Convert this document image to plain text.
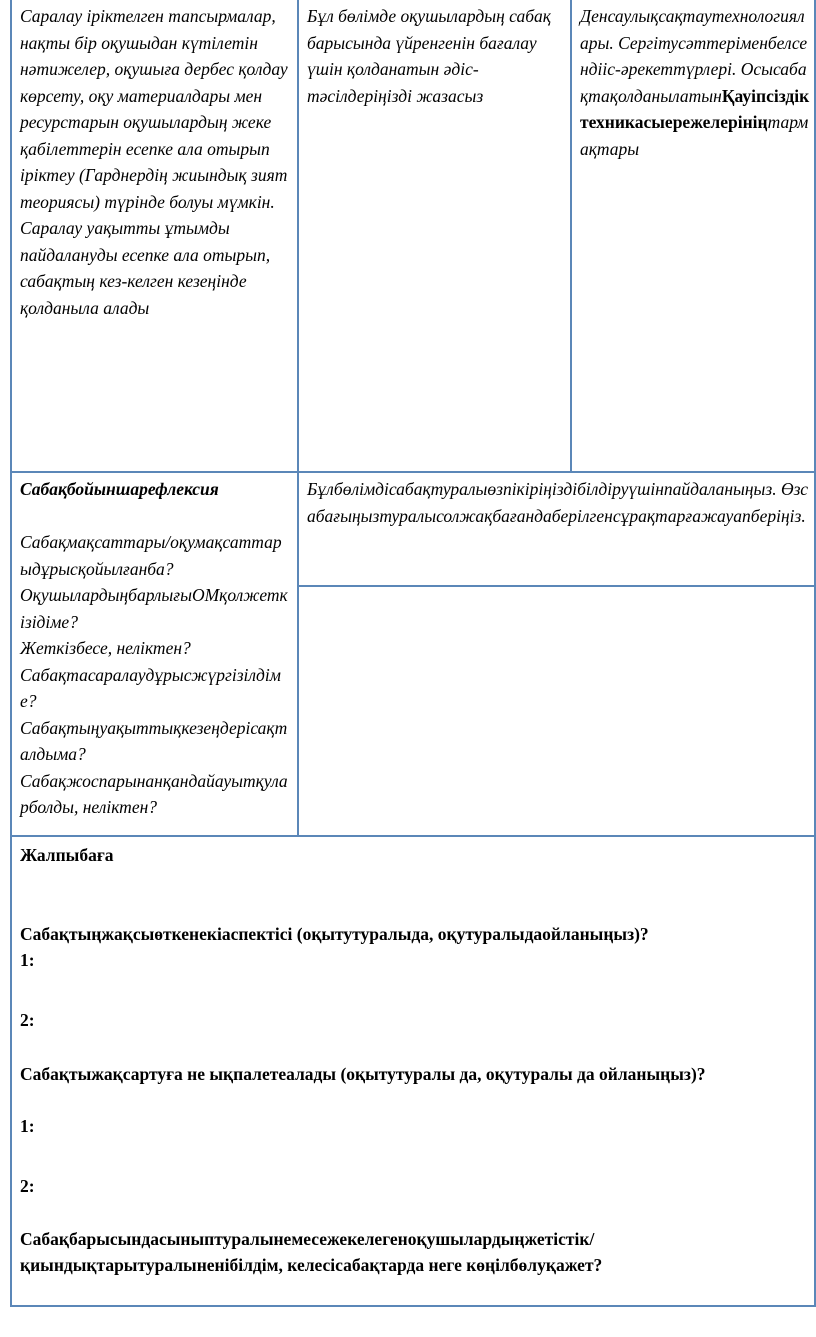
Саралау іріктелген тапсырмалар, нақты бір оқушыдан күтілетін нәтижелер, оқушыға дербес қолдау көрсету, оқу материалдары мен ресурстарын оқушылардың жеке қабілеттерін есепке ала отырып іріктеу (Гарднердің жиындық зият теориясы) түрінде болуы мүмкін.

Саралау уақытты ұтымды пайдалануды есепке ала отырып, сабақтың кез-келген кезеңінде қолданыла алады

Бұл бөлімде оқушылардың сабақ барысында үйренгенін бағалау үшін қолданатын әдіс-тәсілдеріңізді жазасыз

Денсаулықсақтаутехнологиялары. Сергітусәттеріменбелсендііс-әрекеттүрлері. ОсысабақтақолданылатынҚауіпсіздіктехникасыережелерініңтармақтары

Сабақбойыншарефлексия

Сабақмақсаттары/оқумақсаттарыдұрысқойылғанба?

ОқушылардыңбарлығыОМқолжеткізідіме?

Жеткізбесе, неліктен?

Сабақтасаралаудұрысжүргізілдіме?

Сабақтыңуақыттықкезеңдерісақталдыма?

Сабақжоспарынанқандайауытқуларболды, неліктен?

Бұлбөлімдісабақтуралыөзпікіріңіздібілдіруүшінпайдаланыңыз. Өзсабағыңызтуралысолжақбағандаберілгенсұрақтарғажауапберіңіз.

Жалпыбаға
Сабақтыңжақсыөткенекіаспектісі (оқытутуралыда, оқутуралыдаойланыңыз)?
1:
2:
Сабақтыжақсартуға не ықпалетеалады (оқытутуралы да, оқутуралы да ойланыңыз)?
1:
2:
Сабақбарысындасыныптуралынемесежекелегеноқушылардыңжетістік/қиындықтарытуралыненібілдім, келесісабақтарда неге көңілбөлуқажет?
